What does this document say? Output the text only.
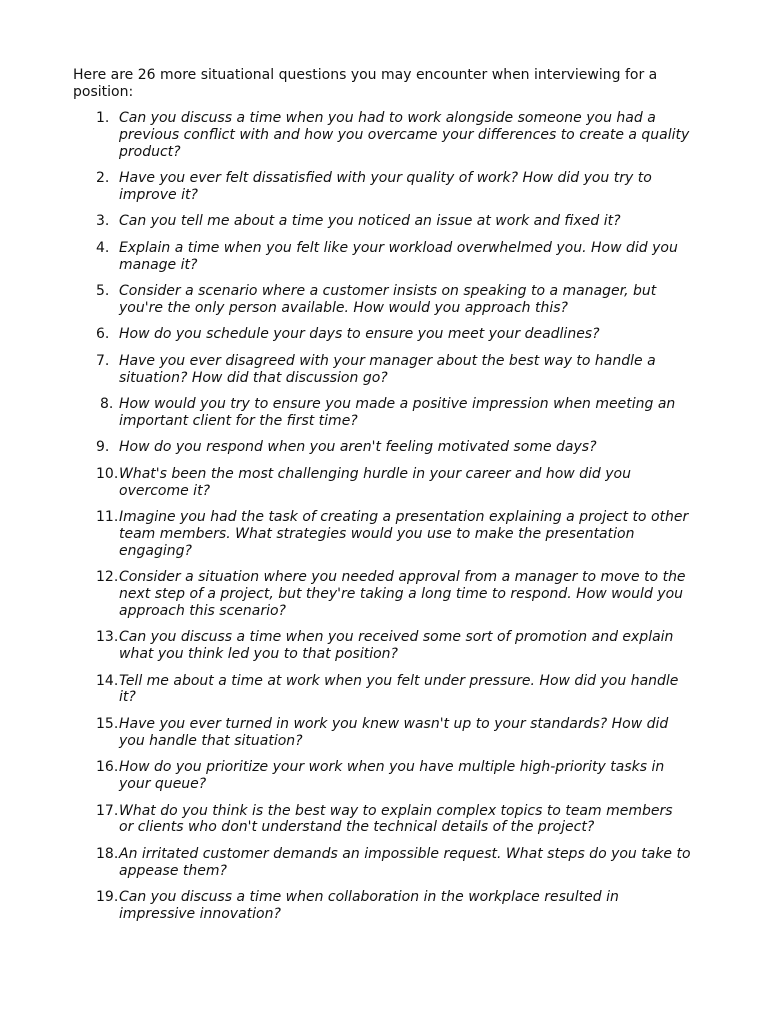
Here are 26 more situational questions you may encounter when interviewing for a position:
1. Can you discuss a time when you had to work alongside someone you had a previous conflict with and how you overcame your differences to create a quality product?
2. Have you ever felt dissatisfied with your quality of work? How did you try to improve it?
3. Can you tell me about a time you noticed an issue at work and fixed it?
4. Explain a time when you felt like your workload overwhelmed you. How did you manage it?
5. Consider a scenario where a customer insists on speaking to a manager, but you're the only person available. How would you approach this?
6. How do you schedule your days to ensure you meet your deadlines?
7. Have you ever disagreed with your manager about the best way to handle a situation? How did that discussion go?
8. How would you try to ensure you made a positive impression when meeting an important client for the first time?
9. How do you respond when you aren't feeling motivated some days?
10. What's been the most challenging hurdle in your career and how did you overcome it?
11. Imagine you had the task of creating a presentation explaining a project to other team members. What strategies would you use to make the presentation engaging?
12. Consider a situation where you needed approval from a manager to move to the next step of a project, but they're taking a long time to respond. How would you approach this scenario?
13. Can you discuss a time when you received some sort of promotion and explain what you think led you to that position?
14. Tell me about a time at work when you felt under pressure. How did you handle it?
15. Have you ever turned in work you knew wasn't up to your standards? How did you handle that situation?
16. How do you prioritize your work when you have multiple high-priority tasks in your queue?
17. What do you think is the best way to explain complex topics to team members or clients who don't understand the technical details of the project?
18. An irritated customer demands an impossible request. What steps do you take to appease them?
19. Can you discuss a time when collaboration in the workplace resulted in impressive innovation?
